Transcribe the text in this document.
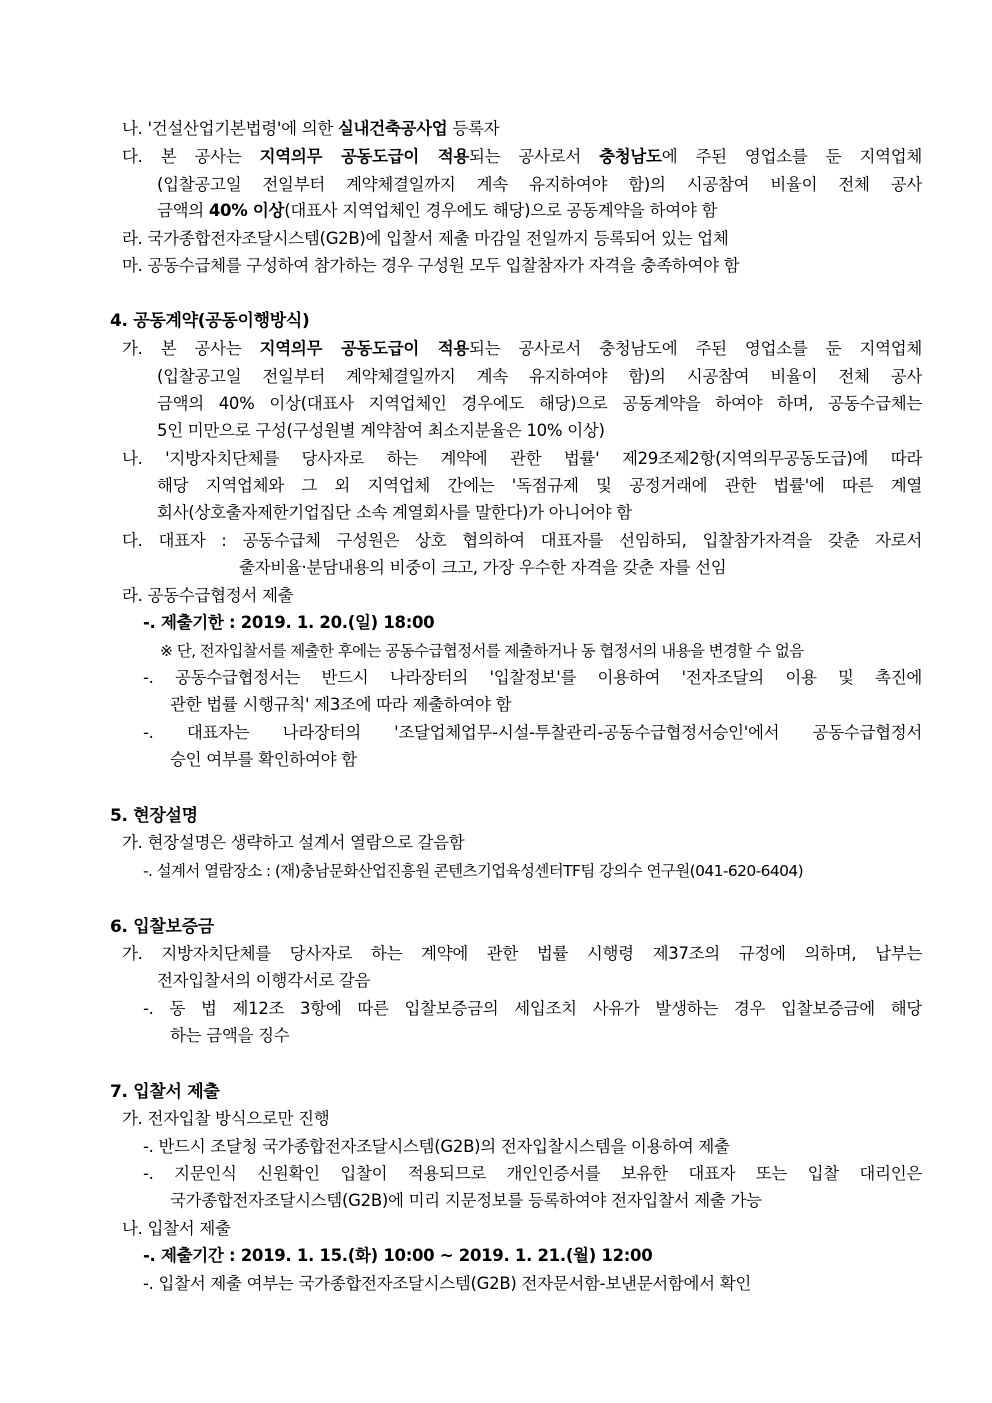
나. '건설산업기본법령'에 의한 실내건축공사업 등록자
다. 본 공사는 지역의무 공동도급이 적용되는 공사로서 충청남도에 주된 영업소를 둔 지역업체
(입찰공고일 전일부터 계약체결일까지 계속 유지하여야 함)의 시공참여 비율이 전체 공사
금액의 40% 이상(대표사 지역업체인 경우에도 해당)으로 공동계약을 하여야 함
라. 국가종합전자조달시스템(G2B)에 입찰서 제출 마감일 전일까지 등록되어 있는 업체
마. 공동수급체를 구성하여 참가하는 경우 구성원 모두 입찰참자가 자격을 충족하여야 함
4. 공동계약(공동이행방식)
가. 본 공사는 지역의무 공동도급이 적용되는 공사로서 충청남도에 주된 영업소를 둔 지역업체
(입찰공고일 전일부터 계약체결일까지 계속 유지하여야 함)의 시공참여 비율이 전체 공사
금액의 40% 이상(대표사 지역업체인 경우에도 해당)으로 공동계약을 하여야 하며, 공동수급체는
5인 미만으로 구성(구성원별 계약참여 최소지분율은 10% 이상)
나. '지방자치단체를 당사자로 하는 계약에 관한 법률' 제29조제2항(지역의무공동도급)에 따라
해당 지역업체와 그 외 지역업체 간에는 '독점규제 및 공정거래에 관한 법률'에 따른 계열
회사(상호출자제한기업집단 소속 계열회사를 말한다)가 아니어야 함
다. 대표자 : 공동수급체 구성원은 상호 협의하여 대표자를 선임하되, 입찰참가자격을 갖춘 자로서
출자비율·분담내용의 비중이 크고, 가장 우수한 자격을 갖춘 자를 선임
라. 공동수급협정서 제출
-. 제출기한 : 2019. 1. 20.(일) 18:00
※ 단, 전자입찰서를 제출한 후에는 공동수급협정서를 제출하거나 동 협정서의 내용을 변경할 수 없음
-. 공동수급협정서는 반드시 나라장터의 '입찰정보'를 이용하여 '전자조달의 이용 및 촉진에
관한 법률 시행규칙' 제3조에 따라 제출하여야 함
-. 대표자는 나라장터의 '조달업체업무-시설-투찰관리-공동수급협정서승인'에서 공동수급협정서
승인 여부를 확인하여야 함
5. 현장설명
가. 현장설명은 생략하고 설계서 열람으로 갈음함
-. 설계서 열람장소 : (재)충남문화산업진흥원 콘텐츠기업육성센터TF팀 강의수 연구원(041-620-6404)
6. 입찰보증금
가. 지방자치단체를 당사자로 하는 계약에 관한 법률 시행령 제37조의 규정에 의하며, 납부는
전자입찰서의 이행각서로 갈음
-. 동 법 제12조 3항에 따른 입찰보증금의 세입조치 사유가 발생하는 경우 입찰보증금에 해당
하는 금액을 징수
7. 입찰서 제출
가. 전자입찰 방식으로만 진행
-. 반드시 조달청 국가종합전자조달시스템(G2B)의 전자입찰시스템을 이용하여 제출
-. 지문인식 신원확인 입찰이 적용되므로 개인인증서를 보유한 대표자 또는 입찰 대리인은
국가종합전자조달시스템(G2B)에 미리 지문정보를 등록하여야 전자입찰서 제출 가능
나. 입찰서 제출
-. 제출기간 : 2019. 1. 15.(화) 10:00 ~ 2019. 1. 21.(월) 12:00
-. 입찰서 제출 여부는 국가종합전자조달시스템(G2B) 전자문서함-보낸문서함에서 확인
